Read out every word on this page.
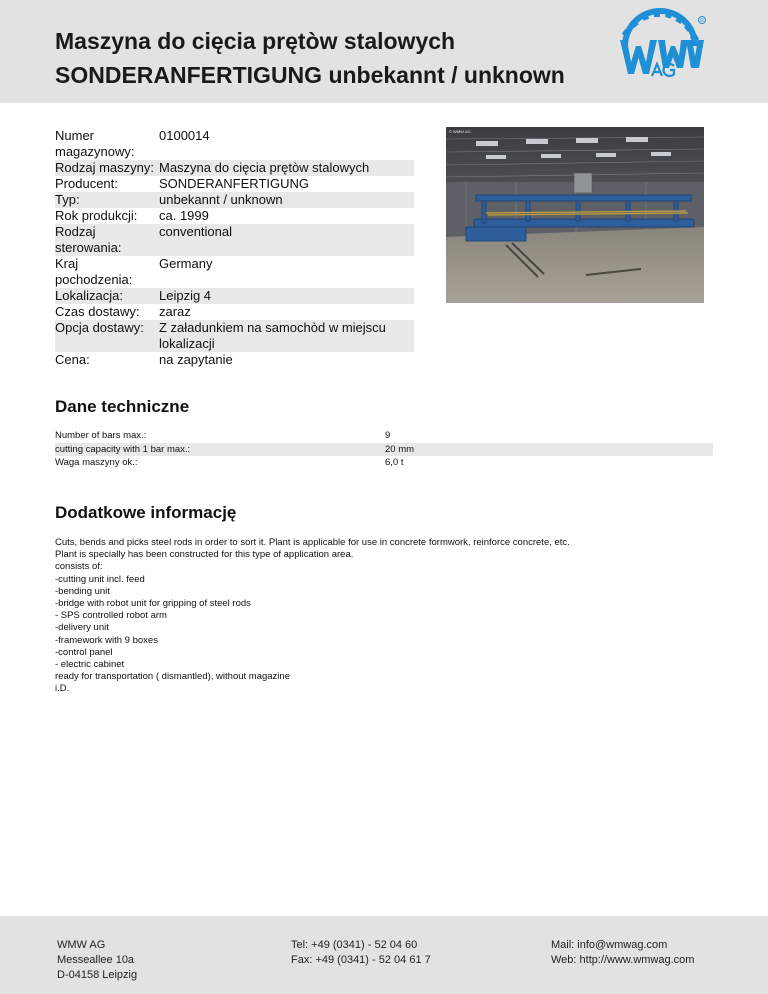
Maszyna do cięcia prętòw stalowych
SONDERANFERTIGUNG unbekannt / unknown
R
Numer magazynowy:
0100014
Rodzaj maszyny: Maszyna do cięcia prętòw stalowych
Producent:	SONDERANFERTIGUNG
Typ:	unbekannt / unknown
Rok produkcji:	ca. 1999
Rodzaj sterowania:
conventional
Kraj pochodzenia:
Germany
Lokalizacja:	Leipzig 4
Czas dostawy:	zaraz
Opcja dostawy:	Z załadunkiem na samochòd w miejscu lokalizacji
Cena:	na zapytanie
© WMW AG
Dane techniczne
Number of bars max.:	9
cutting capacity with 1 bar max.:	20 mm
Waga maszyny ok.:	6,0 t
Dodatkowe informację
Cuts, bends and picks steel rods in order to sort it. Plant is applicable for use in concrete formwork, reinforce concrete, etc.
Plant is specially has been constructed for this type of application area.
consists of:
-cutting unit incl. feed
-bending unit
-bridge with robot unit for gripping of steel rods
- SPS controlled robot arm
-delivery unit
-framework with 9 boxes
-control panel
- electric cabinet
ready for transportation ( dismantled), without magazine
i.D.
WMW AG
Messeallee 10a
D-04158 Leipzig
Tel: +49 (0341) - 52 04 60
Fax: +49 (0341) - 52 04 61 7
Mail: info@wmwag.com
Web: http://www.wmwag.com
